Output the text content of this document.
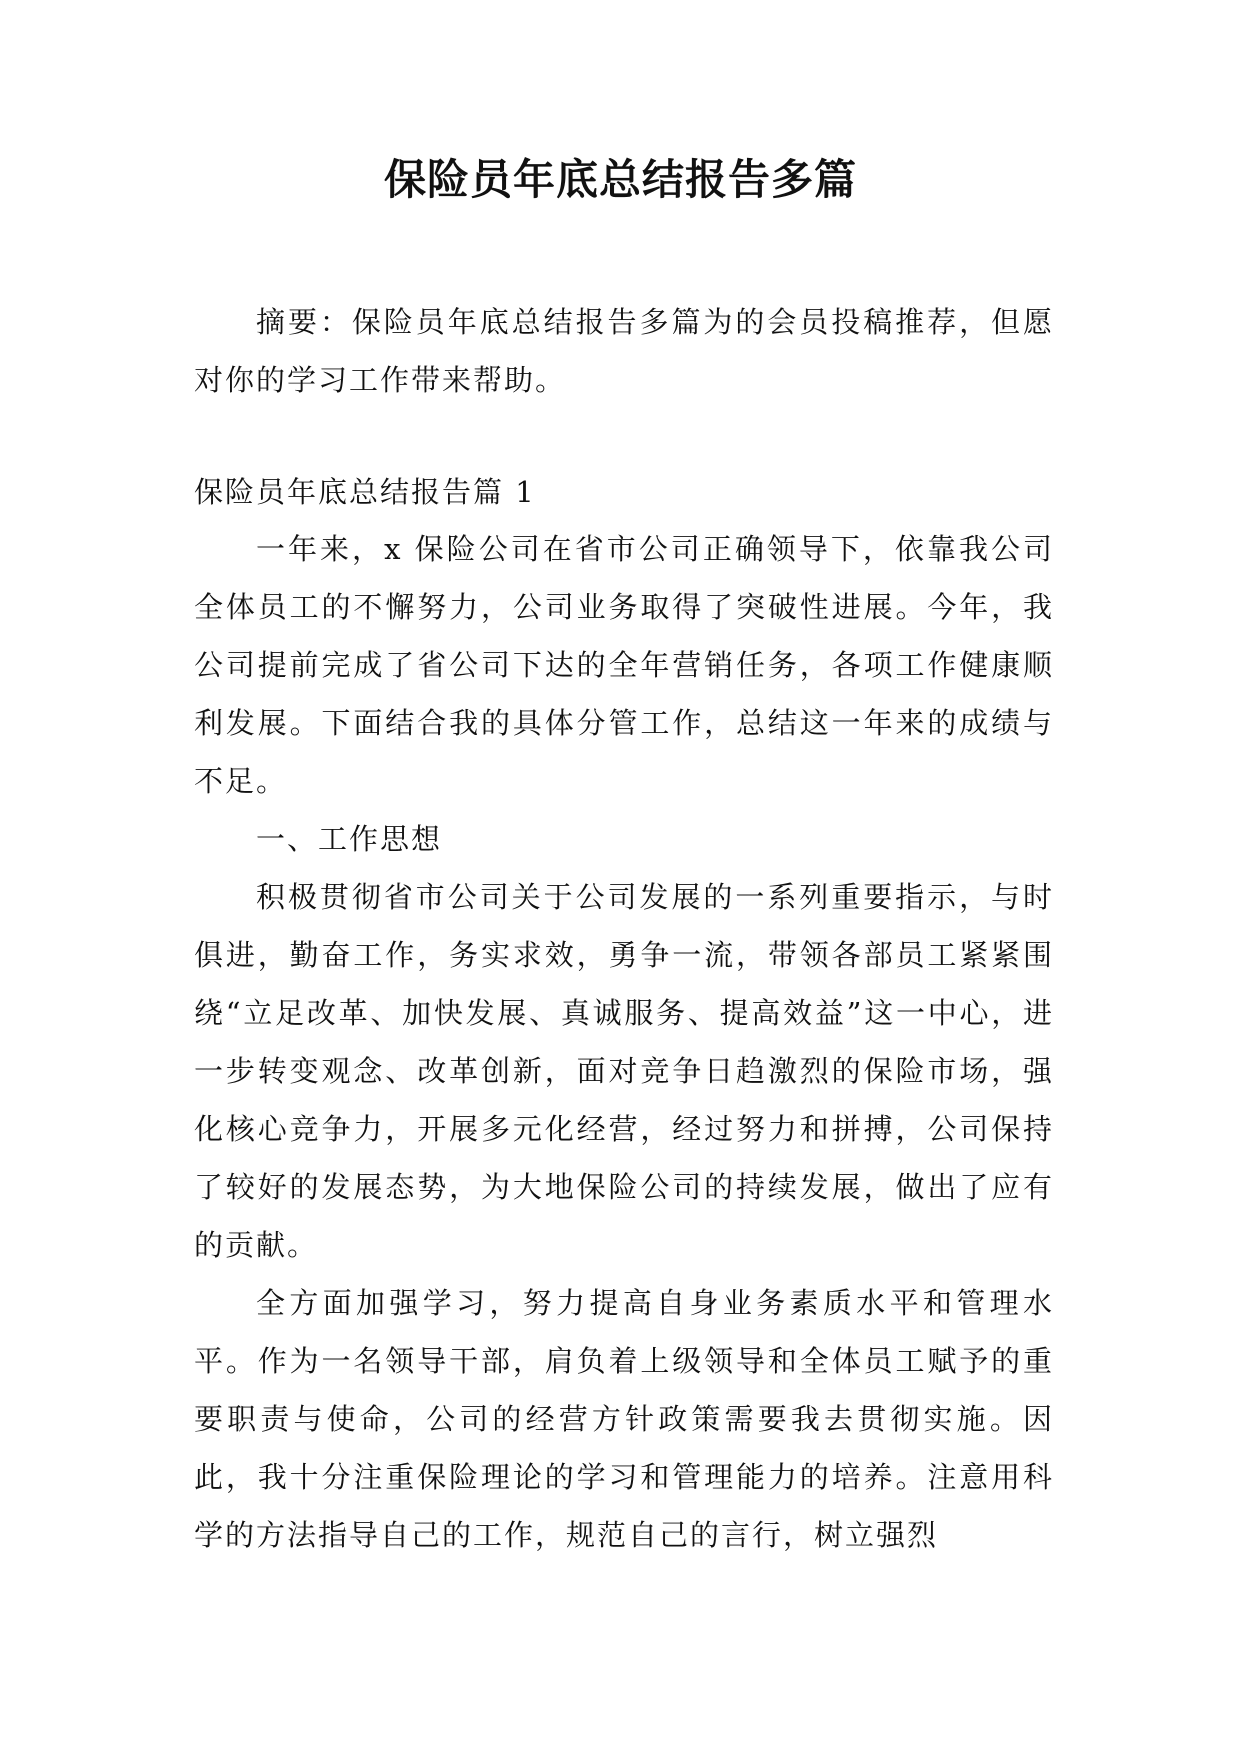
保险员年底总结报告多篇

摘要：保险员年底总结报告多篇为的会员投稿推荐，但愿对你的学习工作带来帮助。

保险员年底总结报告篇 1

一年来，x 保险公司在省市公司正确领导下，依靠我公司全体员工的不懈努力，公司业务取得了突破性进展。今年，我公司提前完成了省公司下达的全年营销任务，各项工作健康顺利发展。下面结合我的具体分管工作，总结这一年来的成绩与不足。

一、工作思想

积极贯彻省市公司关于公司发展的一系列重要指示，与时俱进，勤奋工作，务实求效，勇争一流，带领各部员工紧紧围绕“立足改革、加快发展、真诚服务、提高效益”这一中心，进一步转变观念、改革创新，面对竞争日趋激烈的保险市场，强化核心竞争力，开展多元化经营，经过努力和拼搏，公司保持了较好的发展态势，为大地保险公司的持续发展，做出了应有的贡献。

全方面加强学习，努力提高自身业务素质水平和管理水平。作为一名领导干部，肩负着上级领导和全体员工赋予的重要职责与使命，公司的经营方针政策需要我去贯彻实施。因此，我十分注重保险理论的学习和管理能力的培养。注意用科学的方法指导自己的工作，规范自己的言行，树立强烈
